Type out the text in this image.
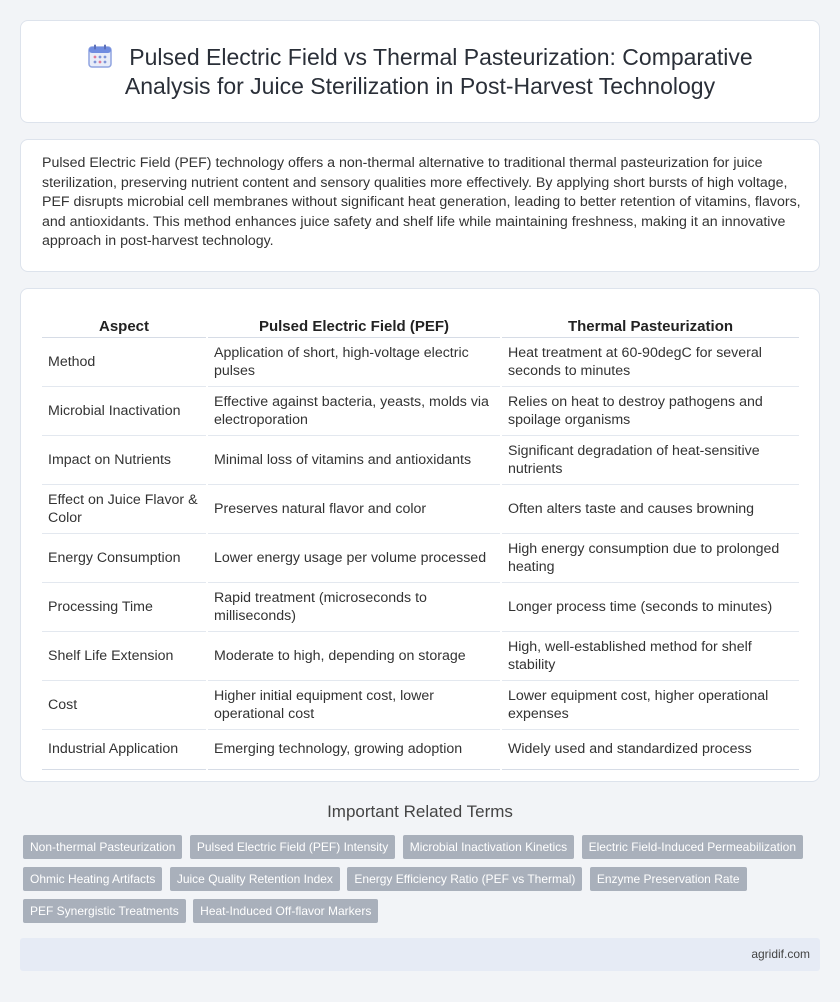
Pulsed Electric Field vs Thermal Pasteurization: Comparative Analysis for Juice Sterilization in Post-Harvest Technology

Pulsed Electric Field (PEF) technology offers a non-thermal alternative to traditional thermal pasteurization for juice sterilization, preserving nutrient content and sensory qualities more effectively. By applying short bursts of high voltage, PEF disrupts microbial cell membranes without significant heat generation, leading to better retention of vitamins, flavors, and antioxidants. This method enhances juice safety and shelf life while maintaining freshness, making it an innovative approach in post-harvest technology.

Aspect	Pulsed Electric Field (PEF)	Thermal Pasteurization
Method	Application of short, high-voltage electric pulses	Heat treatment at 60-90degC for several seconds to minutes
Microbial Inactivation	Effective against bacteria, yeasts, molds via electroporation	Relies on heat to destroy pathogens and spoilage organisms
Impact on Nutrients	Minimal loss of vitamins and antioxidants	Significant degradation of heat-sensitive nutrients
Effect on Juice Flavor & Color	Preserves natural flavor and color	Often alters taste and causes browning
Energy Consumption	Lower energy usage per volume processed	High energy consumption due to prolonged heating
Processing Time	Rapid treatment (microseconds to milliseconds)	Longer process time (seconds to minutes)
Shelf Life Extension	Moderate to high, depending on storage	High, well-established method for shelf stability
Cost	Higher initial equipment cost, lower operational cost	Lower equipment cost, higher operational expenses
Industrial Application	Emerging technology, growing adoption	Widely used and standardized process
Important Related Terms
Non-thermal Pasteurization Pulsed Electric Field (PEF) Intensity Microbial Inactivation Kinetics Electric Field-Induced Permeabilization Ohmic Heating Artifacts Juice Quality Retention Index Energy Efficiency Ratio (PEF vs Thermal) Enzyme Preservation Rate PEF Synergistic Treatments Heat-Induced Off-flavor Markers
agridif.com
